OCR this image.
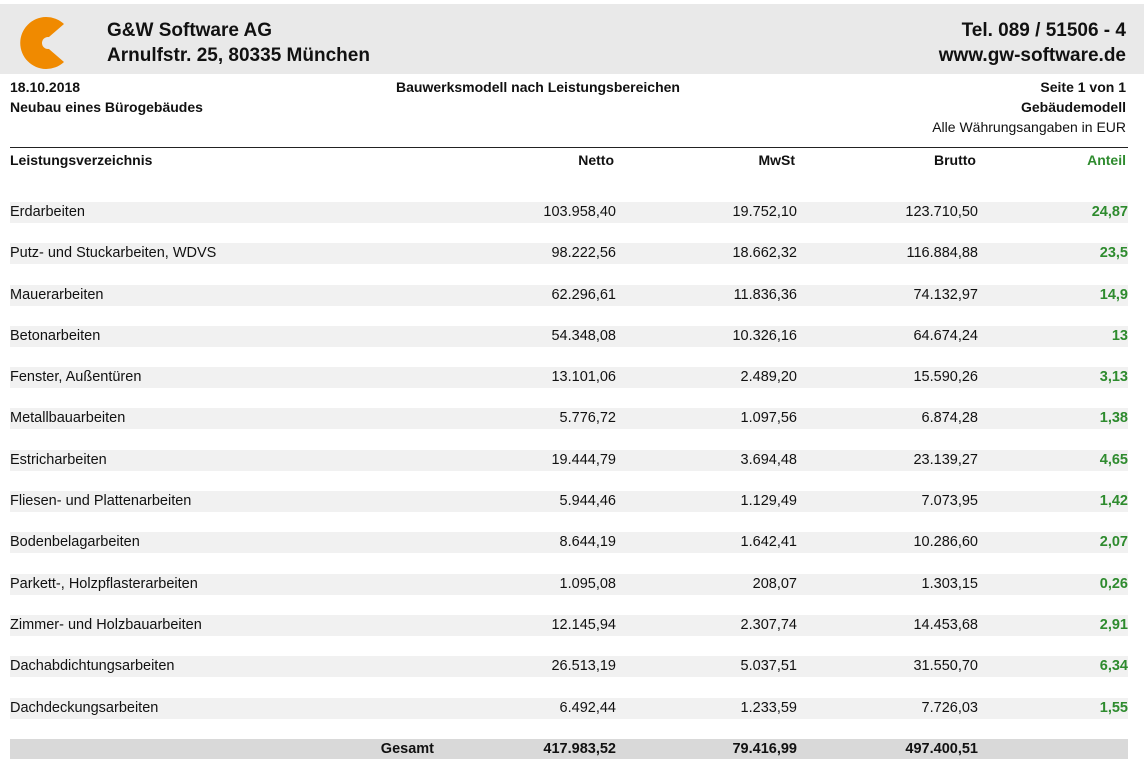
G&W Software AG
Arnulfstr. 25, 80335 München
Tel. 089 / 51506 - 4
www.gw-software.de
18.10.2018
Neubau eines Bürogebäudes
Bauwerksmodell nach Leistungsbereichen	Seite 1 von 1
Gebäudemodell
Alle Währungsangaben in EUR
Leistungsverzeichnis	Netto	MwSt	Brutto	Anteil
Erdarbeiten	103.958,40	19.752,10	123.710,50	24,87
Putz- und Stuckarbeiten, WDVS	98.222,56	18.662,32	116.884,88	23,5
Mauerarbeiten	62.296,61	11.836,36	74.132,97	14,9
Betonarbeiten	54.348,08	10.326,16	64.674,24	13
Fenster, Außentüren	13.101,06	2.489,20	15.590,26	3,13
Metallbauarbeiten	5.776,72	1.097,56	6.874,28	1,38
Estricharbeiten	19.444,79	3.694,48	23.139,27	4,65
Fliesen- und Plattenarbeiten	5.944,46	1.129,49	7.073,95	1,42
Bodenbelagarbeiten	8.644,19	1.642,41	10.286,60	2,07
Parkett-, Holzpflasterarbeiten	1.095,08	208,07	1.303,15	0,26
Zimmer- und Holzbauarbeiten	12.145,94	2.307,74	14.453,68	2,91
Dachabdichtungsarbeiten	26.513,19	5.037,51	31.550,70	6,34
Dachdeckungsarbeiten	6.492,44	1.233,59	7.726,03	1,55
Gesamt	417.983,52	79.416,99	497.400,51
